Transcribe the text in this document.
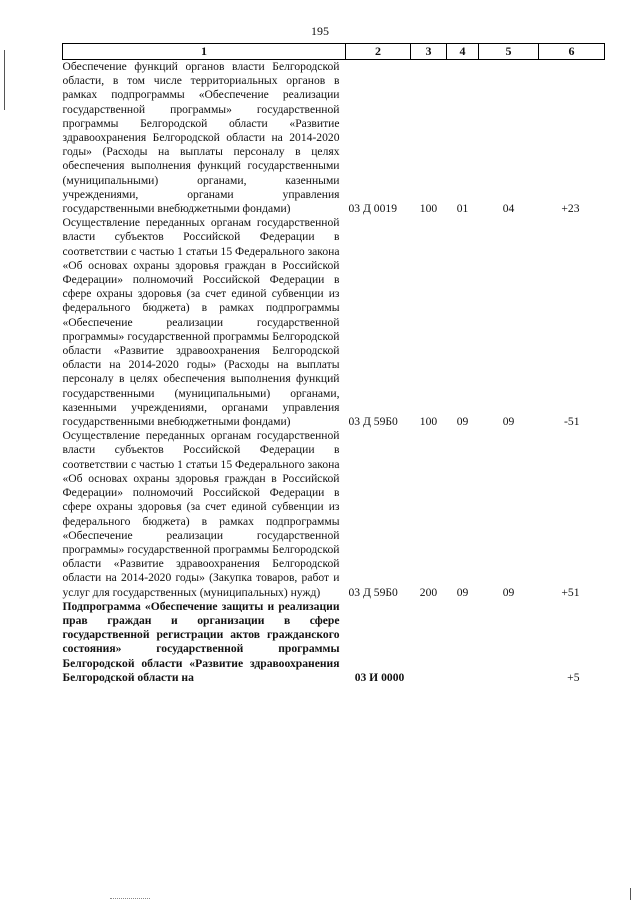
195
1	2	3	4	5	6
Обеспечение функций органов власти Белгородской области, в том числе территориальных органов в рамках подпрограммы «Обеспечение реализации государственной программы» государственной программы Белгородской области «Развитие здравоохранения Белгородской области на 2014-2020 годы» (Расходы на выплаты персоналу в целях обеспечения выполнения функций государственными (муниципальными) органами, казенными учреждениями, органами управления государственными внебюджетными фондами)	03 Д 0019	100	01	04	+23
Осуществление переданных органам государственной власти субъектов Российской Федерации в соответствии с частью 1 статьи 15 Федерального закона «Об основах охраны здоровья граждан в Российской Федерации» полномочий Российской Федерации в сфере охраны здоровья (за счет единой субвенции из федерального бюджета) в рамках подпрограммы «Обеспечение реализации государственной программы» государственной программы Белгородской области «Развитие здравоохранения Белгородской области на 2014-2020 годы» (Расходы на выплаты персоналу в целях обеспечения выполнения функций государственными (муниципальными) органами, казенными учреждениями, органами управления государственными внебюджетными фондами)	03 Д 59Б0	100	09	09	-51
Осуществление переданных органам государственной власти субъектов Российской Федерации в соответствии с частью 1 статьи 15 Федерального закона «Об основах охраны здоровья граждан в Российской Федерации» полномочий Российской Федерации в сфере охраны здоровья (за счет единой субвенции из федерального бюджета) в рамках подпрограммы «Обеспечение реализации государственной программы» государственной программы Белгородской области «Развитие здравоохранения Белгородской области на 2014-2020 годы» (Закупка товаров, работ и услуг для государственных (муниципальных) нужд)	03 Д 59Б0	200	09	09	+51
Подпрограмма «Обеспечение защиты и реализации прав граждан и организации в сфере государственной регистрации актов гражданского состояния» государственной программы Белгородской области «Развитие здравоохранения Белгородской области на	03 И 0000				+5
